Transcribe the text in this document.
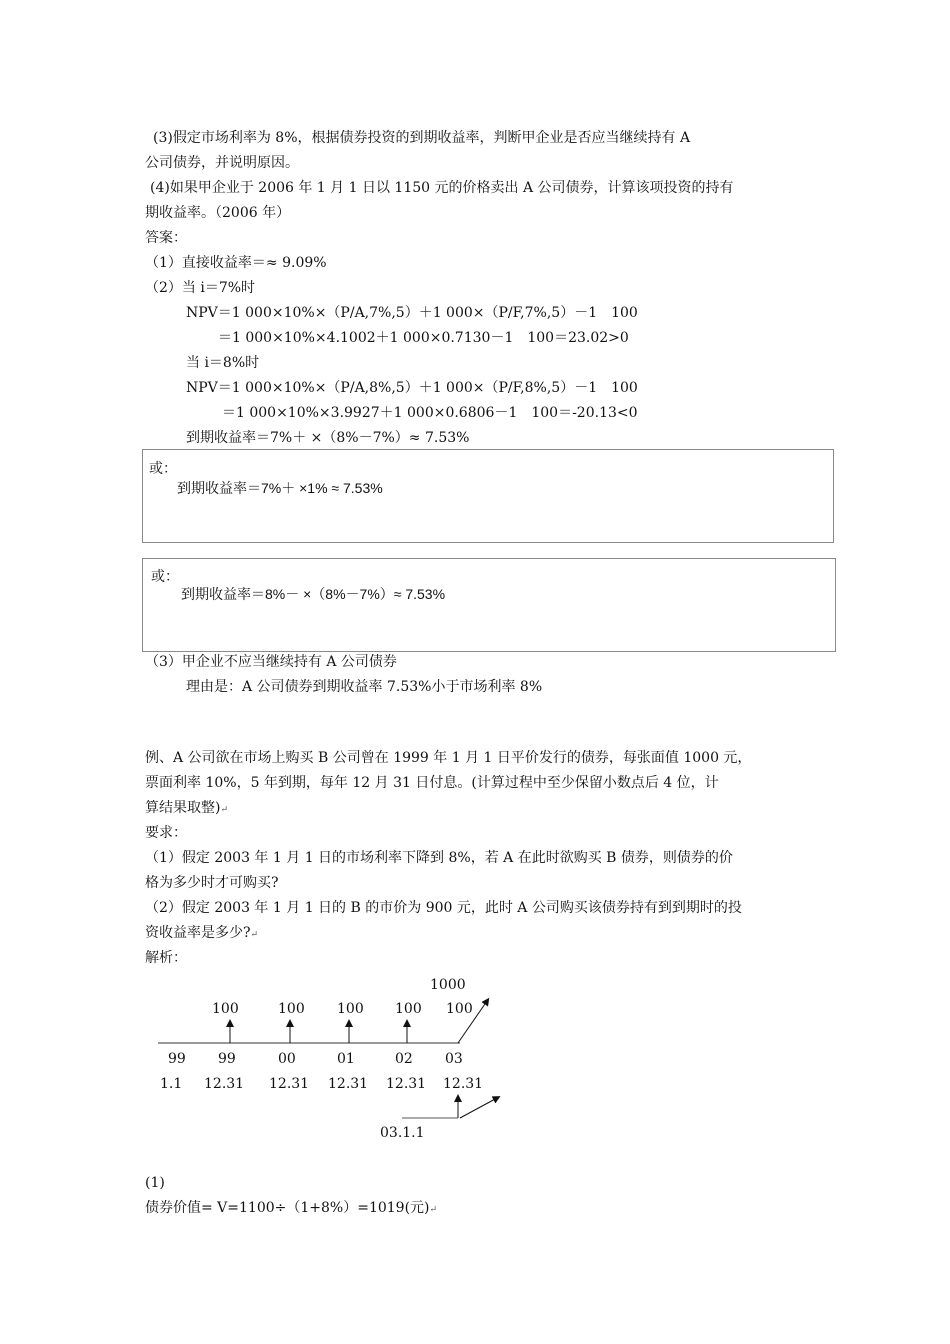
(3)假定市场利率为 8%，根据债券投资的到期收益率，判断甲企业是否应当继续持有 A
公司债券，并说明原因。
(4)如果甲企业于 2006 年 1 月 1 日以 1150 元的价格卖出 A 公司债券，计算该项投资的持有
期收益率。（2006 年）
答案：
（1）直接收益率＝≈ 9.09%
（2）当 i＝7%时
NPV＝1 000×10%×（P/A,7%,5）＋1 000×（P/F,7%,5）－1　100
＝1 000×10%×4.1002＋1 000×0.7130－1　100＝23.02>0
当 i＝8%时
NPV＝1 000×10%×（P/A,8%,5）＋1 000×（P/F,8%,5）－1　100
＝1 000×10%×3.9927＋1 000×0.6806－1　100＝-20.13<0
到期收益率＝7%＋ ×（8%－7%）≈ 7.53%
或：
到期收益率＝7%＋ ×1% ≈ 7.53%
或：
到期收益率＝8%－ ×（8%－7%）≈ 7.53%
（3）甲企业不应当继续持有 A 公司债券
理由是：A 公司债券到期收益率 7.53%小于市场利率 8%
例、A 公司欲在市场上购买 B 公司曾在 1999 年 1 月 1 日平价发行的债券，每张面值 1000 元，
票面利率 10%，5 年到期，每年 12 月 31 日付息。(计算过程中至少保留小数点后 4 位，计
算结果取整)↵
要求：
（1）假定 2003 年 1 月 1 日的市场利率下降到 8%，若 A 在此时欲购买 B 债券，则债券的价
格为多少时才可购买?
（2）假定 2003 年 1 月 1 日的 B 的市价为 900 元，此时 A 公司购买该债券持有到到期时的投
资收益率是多少?↵
解析：
1000
100	100 100 100 100
99 99	00	01	02 03
1.1 12.31 12.31 12.31 12.31 12.31
03.1.1
(1)
债券价值= V=1100÷（1+8%）=1019(元)↵
